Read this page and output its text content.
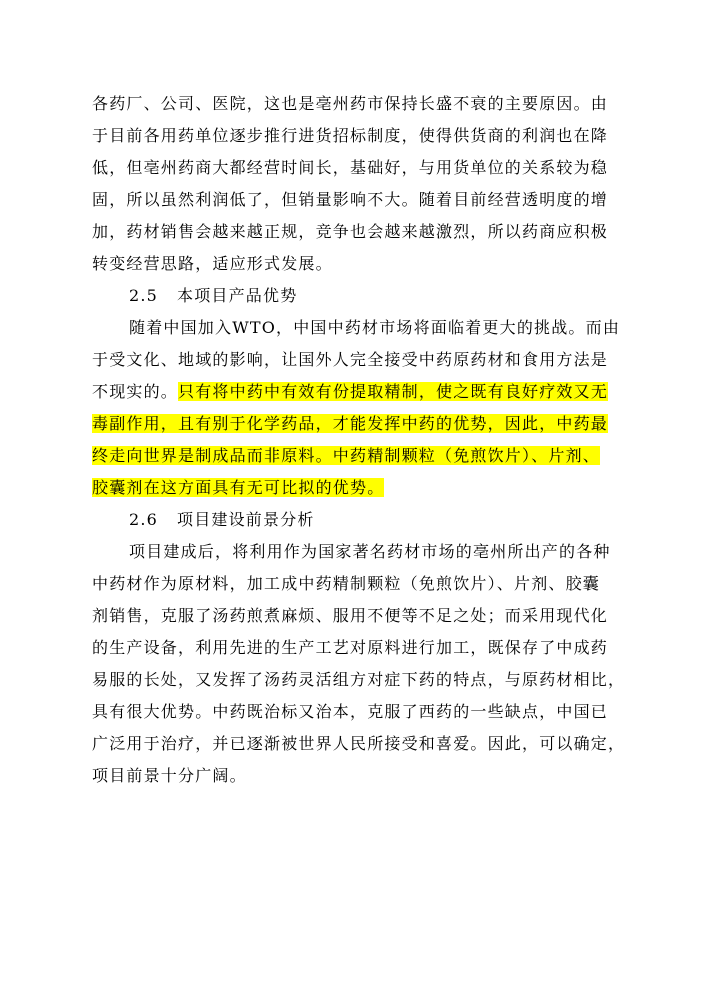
各药厂、公司、医院，这也是亳州药市保持长盛不衰的主要原因。由
于目前各用药单位逐步推行进货招标制度，使得供货商的利润也在降
低，但亳州药商大都经营时间长，基础好，与用货单位的关系较为稳
固，所以虽然利润低了，但销量影响不大。随着目前经营透明度的增
加，药材销售会越来越正规，竞争也会越来越激烈，所以药商应积极
转变经营思路，适应形式发展。
2.5 本项目产品优势
随着中国加入WTO，中国中药材市场将面临着更大的挑战。而由
于受文化、地域的影响，让国外人完全接受中药原药材和食用方法是
不现实的。只有将中药中有效有份提取精制，使之既有良好疗效又无
毒副作用，且有别于化学药品，才能发挥中药的优势，因此，中药最
终走向世界是制成品而非原料。中药精制颗粒（免煎饮片）、片剂、
胶囊剂在这方面具有无可比拟的优势。
2.6 项目建设前景分析
项目建成后，将利用作为国家著名药材市场的亳州所出产的各种
中药材作为原材料，加工成中药精制颗粒（免煎饮片）、片剂、胶囊
剂销售，克服了汤药煎煮麻烦、服用不便等不足之处；而采用现代化
的生产设备，利用先进的生产工艺对原料进行加工，既保存了中成药
易服的长处，又发挥了汤药灵活组方对症下药的特点，与原药材相比，
具有很大优势。中药既治标又治本，克服了西药的一些缺点，中国已
广泛用于治疗，并已逐渐被世界人民所接受和喜爱。因此，可以确定，
项目前景十分广阔。
